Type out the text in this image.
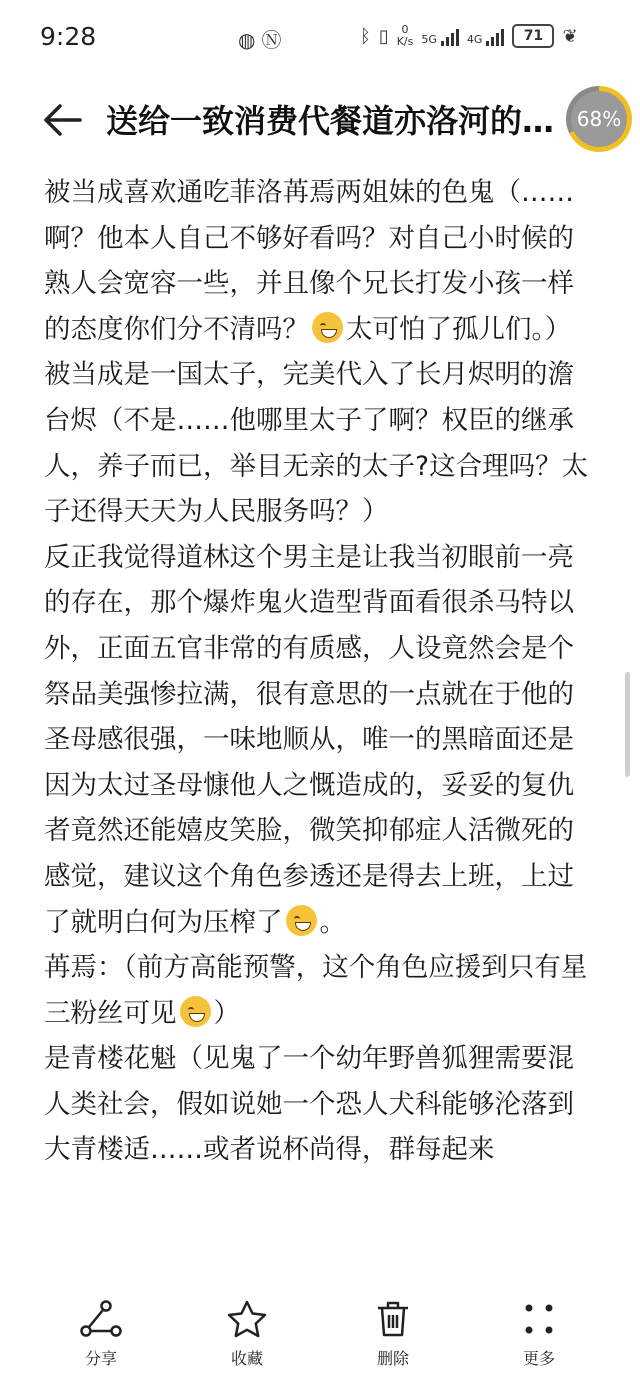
9:28	◍Ⓝ	ᛒ ▯	0
K/s 5G	4G	71	❦
送给一致消费代餐道亦洛河的…	68%

被当成喜欢通吃菲洛苒焉两姐妹的色鬼（……啊？他本人自己不够好看吗？对自己小时候的熟人会宽容一些，并且像个兄长打发小孩一样的态度你们分不清吗？ 太可怕了孤儿们。）

被当成是一国太子，完美代入了长月烬明的澹台烬（不是……他哪里太子了啊？权臣的继承人，养子而已，举目无亲的太子?这合理吗？太子还得天天为人民服务吗？）

反正我觉得道林这个男主是让我当初眼前一亮的存在，那个爆炸鬼火造型背面看很杀马特以外，正面五官非常的有质感，人设竟然会是个祭品美强惨拉满，很有意思的一点就在于他的圣母感很强，一味地顺从，唯一的黑暗面还是因为太过圣母慷他人之慨造成的，妥妥的复仇者竟然还能嬉皮笑脸，微笑抑郁症人活微死的感觉，建议这个角色参透还是得去上班，上过了就明白何为压榨了 。

苒焉：（前方高能预警，这个角色应援到只有星三粉丝可见 ）

是青楼花魁（见鬼了一个幼年野兽狐狸需要混人类社会，假如说她一个恐人犬科能够沦落到大青楼适……或者说杯尚得，群每起来

分享	收藏	删除	更多
